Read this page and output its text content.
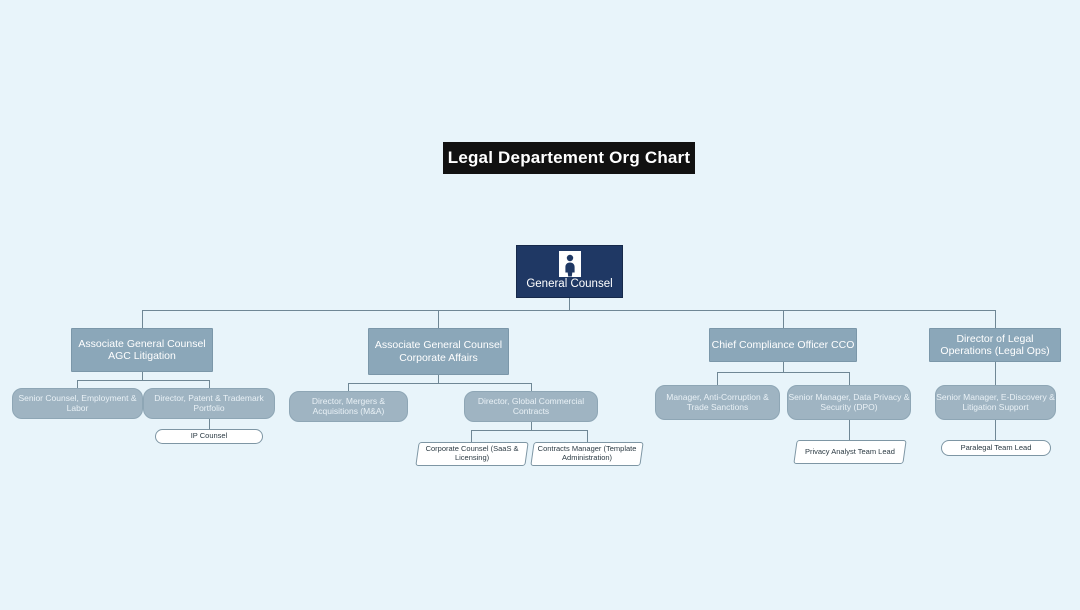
Legal Departement Org Chart
General Counsel
Associate General Counsel AGC Litigation
Associate General Counsel Corporate Affairs
Chief Compliance Officer CCO
Director of Legal Operations (Legal Ops)
Senior Counsel, Employment & Labor
Director, Patent & Trademark Portfolio
Director, Mergers & Acquisitions (M&A)
Director, Global Commercial Contracts
Manager, Anti-Corruption & Trade Sanctions
Senior Manager, Data Privacy & Security (DPO)
Senior Manager, E-Discovery & Litigation Support
IP Counsel
Corporate Counsel (SaaS & Licensing)
Contracts Manager (Template Administration)
Privacy Analyst Team Lead	Paralegal Team Lead
